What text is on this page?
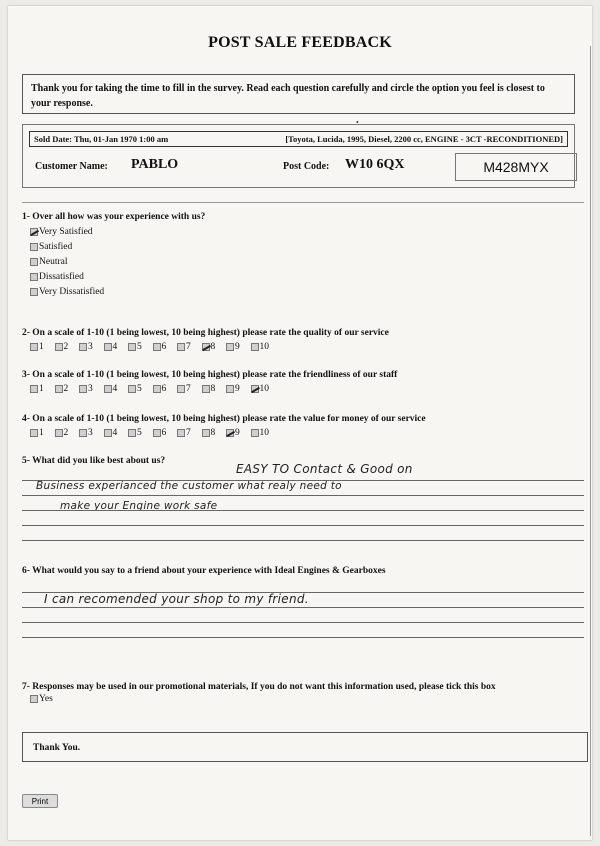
POST SALE FEEDBACK
Thank you for taking the time to fill in the survey. Read each question carefully and circle the option you feel is closest to your response.
•
Sold Date: Thu, 01-Jan 1970 1:00 am	[Toyota, Lucida, 1995, Diesel, 2200 cc, ENGINE - 3CT -RECONDITIONED]
Customer Name: PABLO	Post Code: W10 6QX	M428MYX
1- Over all how was your experience with us?
Very Satisfied
Satisfied
Neutral
Dissatisfied
Very Dissatisfied
2- On a scale of 1-10 (1 being lowest, 10 being highest) please rate the quality of our service
1 2 3 4 5 6 7 8 9 10
3- On a scale of 1-10 (1 being lowest, 10 being highest) please rate the friendliness of our staff
1 2 3 4 5 6 7 8 9 10
4- On a scale of 1-10 (1 being lowest, 10 being highest) please rate the value for money of our service
1 2 3 4 5 6 7 8 9 10
5- What did you like best about us?
EASY TO Contact & Good on
Business experianced the customer what realy need to
make your Engine work safe
6- What would you say to a friend about your experience with Ideal Engines & Gearboxes
I can recomended your shop to my friend.
7- Responses may be used in our promotional materials, If you do not want this information used, please tick this box
Yes
Thank You.
Print
